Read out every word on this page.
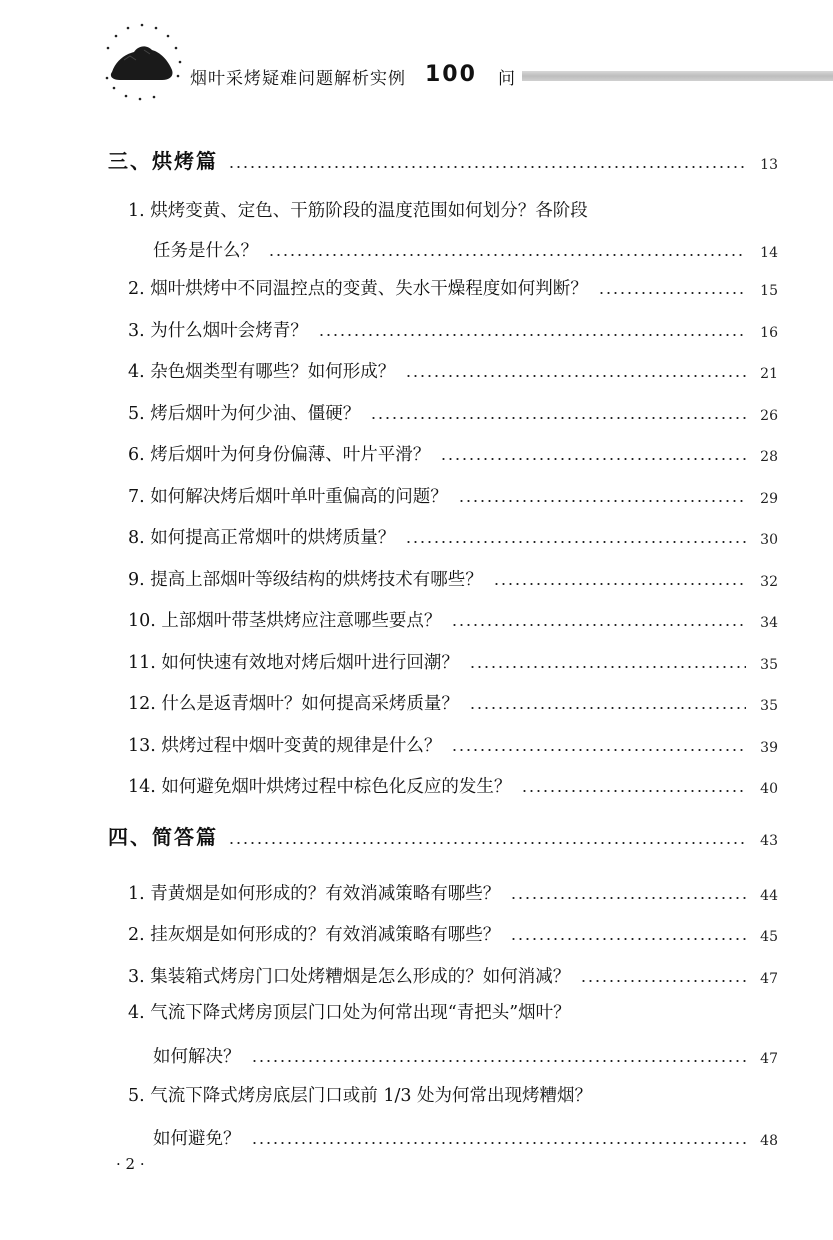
烟叶采烤疑难问题解析实例 100 问
三、烘烤篇	13
1. 烘烤变黄、定色、干筋阶段的温度范围如何划分？各阶段
任务是什么？	14
2. 烟叶烘烤中不同温控点的变黄、失水干燥程度如何判断？	15
3. 为什么烟叶会烤青？	16
4. 杂色烟类型有哪些？如何形成？	21
5. 烤后烟叶为何少油、僵硬？	26
6. 烤后烟叶为何身份偏薄、叶片平滑？	28
7. 如何解决烤后烟叶单叶重偏高的问题？	29
8. 如何提高正常烟叶的烘烤质量？	30
9. 提高上部烟叶等级结构的烘烤技术有哪些？	32
10. 上部烟叶带茎烘烤应注意哪些要点？	34
11. 如何快速有效地对烤后烟叶进行回潮？	35
12. 什么是返青烟叶？如何提高采烤质量？	35
13. 烘烤过程中烟叶变黄的规律是什么？	39
14. 如何避免烟叶烘烤过程中棕色化反应的发生？	40
四、简答篇	43
1. 青黄烟是如何形成的？有效消减策略有哪些？	44
2. 挂灰烟是如何形成的？有效消减策略有哪些？	45
3. 集装箱式烤房门口处烤糟烟是怎么形成的？如何消减？	47
4. 气流下降式烤房顶层门口处为何常出现“青把头”烟叶？
如何解决？	47
5. 气流下降式烤房底层门口或前 1/3 处为何常出现烤糟烟？
如何避免？	48
· 2 ·
